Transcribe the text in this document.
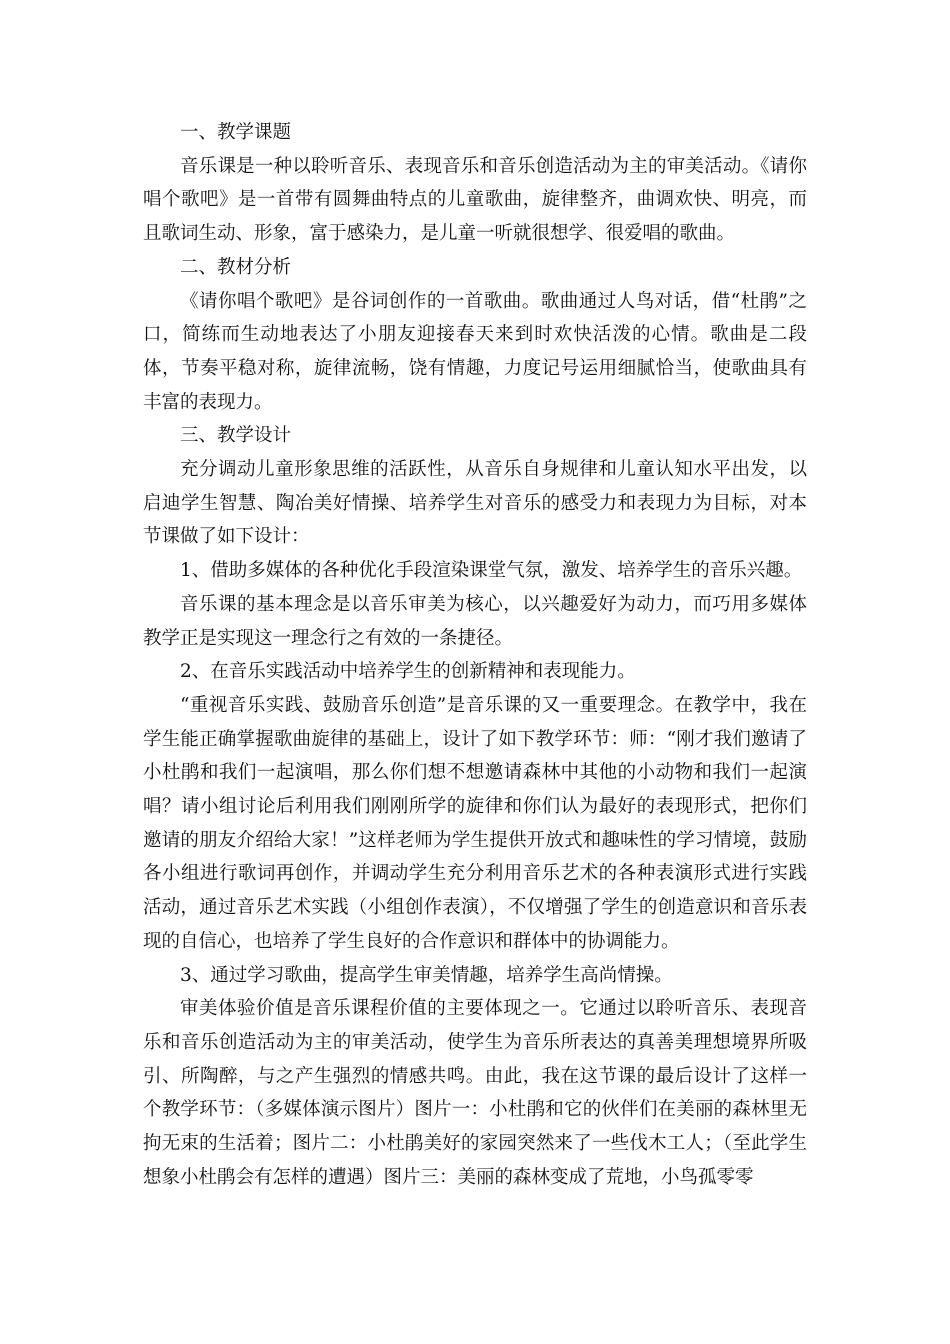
一、教学课题

音乐课是一种以聆听音乐、表现音乐和音乐创造活动为主的审美活动。《请你唱个歌吧》是一首带有圆舞曲特点的儿童歌曲，旋律整齐，曲调欢快、明亮，而且歌词生动、形象，富于感染力，是儿童一听就很想学、很爱唱的歌曲。

二、教材分析

《请你唱个歌吧》是谷词创作的一首歌曲。歌曲通过人鸟对话，借“杜鹃”之口，简练而生动地表达了小朋友迎接春天来到时欢快活泼的心情。歌曲是二段体，节奏平稳对称，旋律流畅，饶有情趣，力度记号运用细腻恰当，使歌曲具有丰富的表现力。

三、教学设计

充分调动儿童形象思维的活跃性，从音乐自身规律和儿童认知水平出发，以启迪学生智慧、陶冶美好情操、培养学生对音乐的感受力和表现力为目标，对本节课做了如下设计：

1、借助多媒体的各种优化手段渲染课堂气氛，激发、培养学生的音乐兴趣。

音乐课的基本理念是以音乐审美为核心，以兴趣爱好为动力，而巧用多媒体教学正是实现这一理念行之有效的一条捷径。

2、在音乐实践活动中培养学生的创新精神和表现能力。

“重视音乐实践、鼓励音乐创造”是音乐课的又一重要理念。在教学中，我在学生能正确掌握歌曲旋律的基础上，设计了如下教学环节：师：“刚才我们邀请了小杜鹃和我们一起演唱，那么你们想不想邀请森林中其他的小动物和我们一起演唱？请小组讨论后利用我们刚刚所学的旋律和你们认为最好的表现形式，把你们邀请的朋友介绍给大家！”这样老师为学生提供开放式和趣味性的学习情境，鼓励各小组进行歌词再创作，并调动学生充分利用音乐艺术的各种表演形式进行实践活动，通过音乐艺术实践（小组创作表演），不仅增强了学生的创造意识和音乐表现的自信心，也培养了学生良好的合作意识和群体中的协调能力。

3、通过学习歌曲，提高学生审美情趣，培养学生高尚情操。

审美体验价值是音乐课程价值的主要体现之一。它通过以聆听音乐、表现音乐和音乐创造活动为主的审美活动，使学生为音乐所表达的真善美理想境界所吸引、所陶醉，与之产生强烈的情感共鸣。由此，我在这节课的最后设计了这样一个教学环节：（多媒体演示图片）图片一：小杜鹃和它的伙伴们在美丽的森林里无拘无束的生活着；图片二：小杜鹃美好的家园突然来了一些伐木工人；（至此学生想象小杜鹃会有怎样的遭遇）图片三：美丽的森林变成了荒地，小鸟孤零零
